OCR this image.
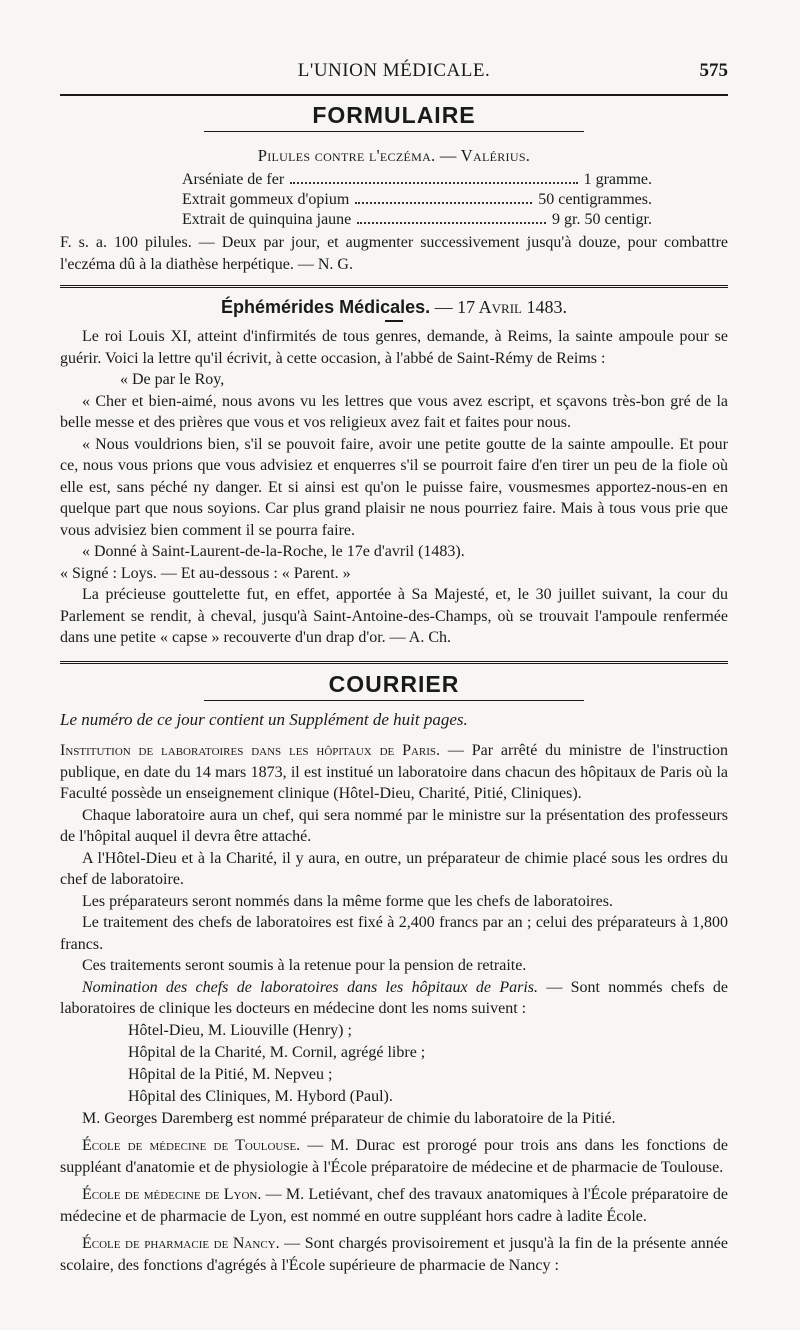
L'UNION MÉDICALE.	575
FORMULAIRE
Pilules contre l'eczéma. — Valérius.
Arséniate de fer	1 gramme.
Extrait gommeux d'opium	50 centigrammes.
Extrait de quinquina jaune	9 gr. 50 centigr.

F. s. a. 100 pilules. — Deux par jour, et augmenter successivement jusqu'à douze, pour combattre l'eczéma dû à la diathèse herpétique. — N. G.

Éphémérides Médicales. — 17 Avril 1483.

Le roi Louis XI, atteint d'infirmités de tous genres, demande, à Reims, la sainte ampoule pour se guérir. Voici la lettre qu'il écrivit, à cette occasion, à l'abbé de Saint-Rémy de Reims :

« De par le Roy,

« Cher et bien-aimé, nous avons vu les lettres que vous avez escript, et sçavons très-bon gré de la belle messe et des prières que vous et vos religieux avez fait et faites pour nous.

« Nous vouldrions bien, s'il se pouvoit faire, avoir une petite goutte de la sainte ampoulle. Et pour ce, nous vous prions que vous advisiez et enquerres s'il se pourroit faire d'en tirer un peu de la fiole où elle est, sans péché ny danger. Et si ainsi est qu'on le puisse faire, vousmesmes apportez-nous-en en quelque part que nous soyions. Car plus grand plaisir ne nous pourriez faire. Mais à tous vous prie que vous advisiez bien comment il se pourra faire.

« Donné à Saint-Laurent-de-la-Roche, le 17e d'avril (1483).

« Signé : Loys. — Et au-dessous : « Parent. »

La précieuse gouttelette fut, en effet, apportée à Sa Majesté, et, le 30 juillet suivant, la cour du Parlement se rendit, à cheval, jusqu'à Saint-Antoine-des-Champs, où se trouvait l'ampoule renfermée dans une petite « capse » recouverte d'un drap d'or. — A. Ch.

COURRIER

Le numéro de ce jour contient un Supplément de huit pages.

Institution de laboratoires dans les hôpitaux de Paris. — Par arrêté du ministre de l'instruction publique, en date du 14 mars 1873, il est institué un laboratoire dans chacun des hôpitaux de Paris où la Faculté possède un enseignement clinique (Hôtel-Dieu, Charité, Pitié, Cliniques).

Chaque laboratoire aura un chef, qui sera nommé par le ministre sur la présentation des professeurs de l'hôpital auquel il devra être attaché.

A l'Hôtel-Dieu et à la Charité, il y aura, en outre, un préparateur de chimie placé sous les ordres du chef de laboratoire.

Les préparateurs seront nommés dans la même forme que les chefs de laboratoires.

Le traitement des chefs de laboratoires est fixé à 2,400 francs par an ; celui des préparateurs à 1,800 francs.

Ces traitements seront soumis à la retenue pour la pension de retraite.

Nomination des chefs de laboratoires dans les hôpitaux de Paris. — Sont nommés chefs de laboratoires de clinique les docteurs en médecine dont les noms suivent :

Hôtel-Dieu, M. Liouville (Henry) ;
Hôpital de la Charité, M. Cornil, agrégé libre ;
Hôpital de la Pitié, M. Nepveu ;
Hôpital des Cliniques, M. Hybord (Paul).

M. Georges Daremberg est nommé préparateur de chimie du laboratoire de la Pitié.

École de médecine de Toulouse. — M. Durac est prorogé pour trois ans dans les fonctions de suppléant d'anatomie et de physiologie à l'École préparatoire de médecine et de pharmacie de Toulouse.

École de médecine de Lyon. — M. Letiévant, chef des travaux anatomiques à l'École préparatoire de médecine et de pharmacie de Lyon, est nommé en outre suppléant hors cadre à ladite École.

École de pharmacie de Nancy. — Sont chargés provisoirement et jusqu'à la fin de la présente année scolaire, des fonctions d'agrégés à l'École supérieure de pharmacie de Nancy :
